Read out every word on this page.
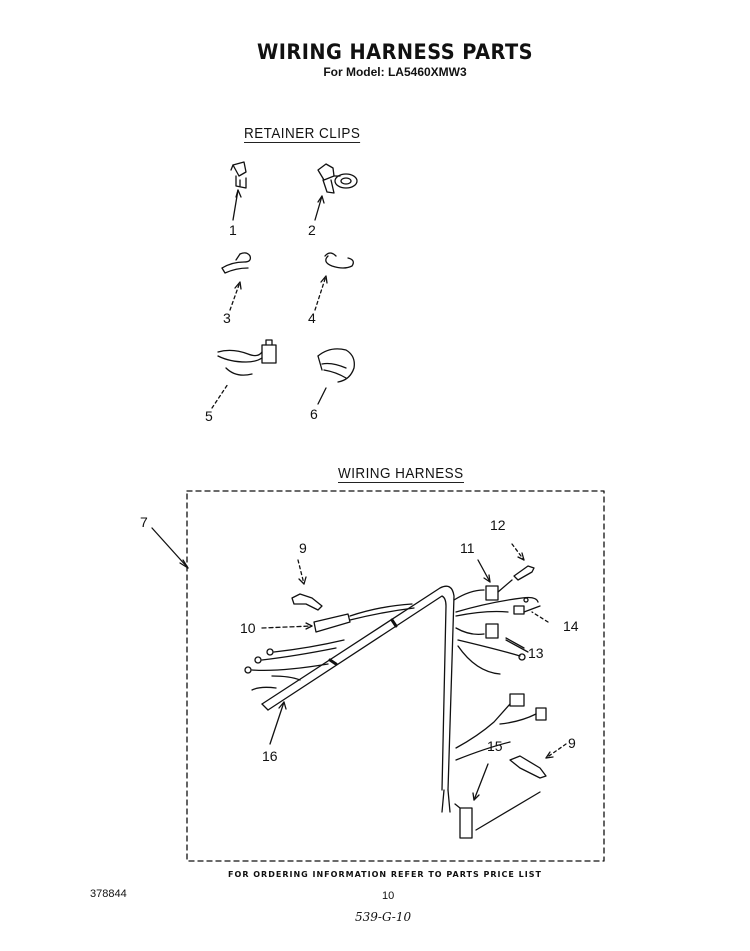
WIRING HARNESS PARTS
For Model: LA5460XMW3
RETAINER CLIPS
WIRING HARNESS
1	2
3	4
5	6
7
9
9
10
11
12
13
14
15
16
FOR ORDERING INFORMATION REFER TO PARTS PRICE LIST
378844	10
539-G-10
